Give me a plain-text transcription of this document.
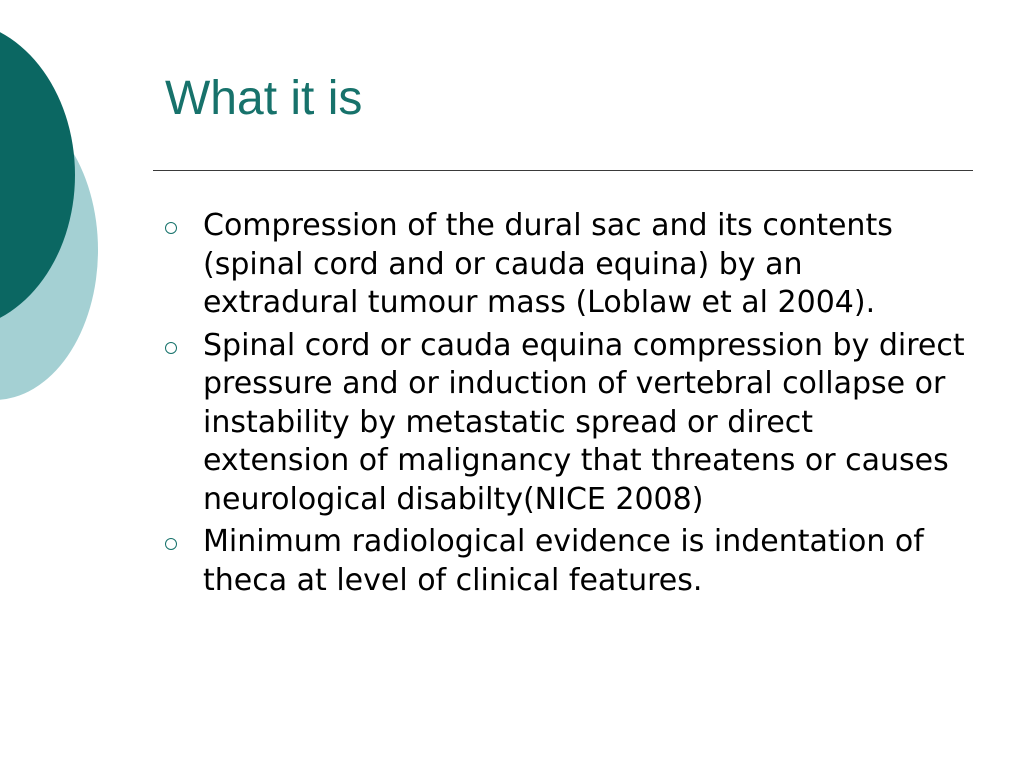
What it is
Compression of the dural sac and its contents (spinal cord and or cauda equina) by an extradural tumour mass (Loblaw et al 2004).
Spinal cord or cauda equina compression by direct pressure and or induction of vertebral collapse or instability by metastatic spread or direct extension of malignancy that threatens or causes neurological disabilty(NICE 2008)
Minimum radiological evidence is indentation of theca at level of clinical features.
